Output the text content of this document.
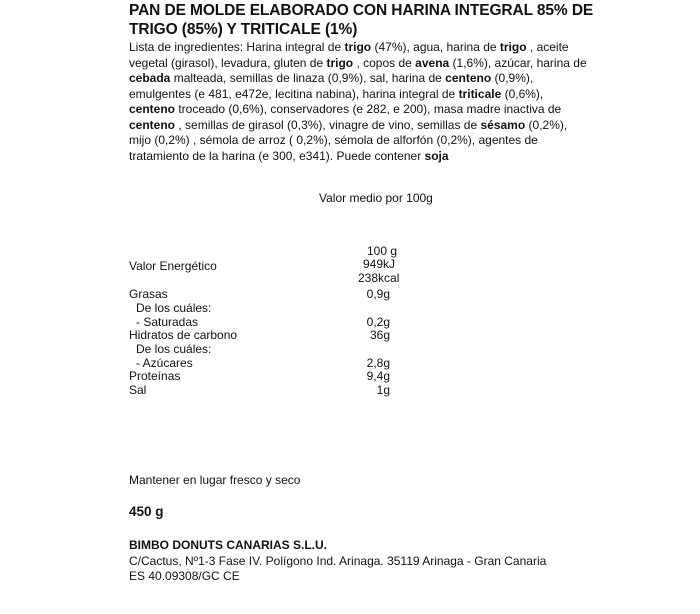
PAN DE MOLDE ELABORADO CON HARINA INTEGRAL 85% DE TRIGO (85%) Y TRITICALE (1%)
Lista de ingredientes: Harina integral de trigo (47%), agua, harina de trigo , aceite vegetal (girasol), levadura, gluten de trigo , copos de avena (1,6%), azúcar, harina de cebada malteada, semillas de linaza (0,9%), sal, harina de centeno (0,9%), emulgentes (e 481, e472e, lecitina nabina), harina integral de triticale (0,6%), centeno troceado (0,6%), conservadores (e 282, e 200), masa madre inactiva de centeno , semillas de girasol (0,3%), vinagre de vino, semillas de sésamo (0,2%), mijo (0,2%) , sémola de arroz ( 0,2%), sémola de alforfón (0,2%), agentes de tratamiento de la harina (e 300, e341). Puede contener soja
Valor medio por 100g
100 g
Valor Energético	949kJ
238kcal
Grasas	0,9g
De los cuáles:
- Saturadas	0,2g
Hidratos de carbono	36g
De los cuáles:
- Azúcares	2,8g
Proteínas	9,4g
Sal	1g
Mantener en lugar fresco y seco
450 g
BIMBO DONUTS CANARIAS S.L.U.
C/Cactus, Nº1-3 Fase IV. Polígono Ind. Arinaga. 35119 Arinaga - Gran Canaria
ES 40.09308/GC CE
